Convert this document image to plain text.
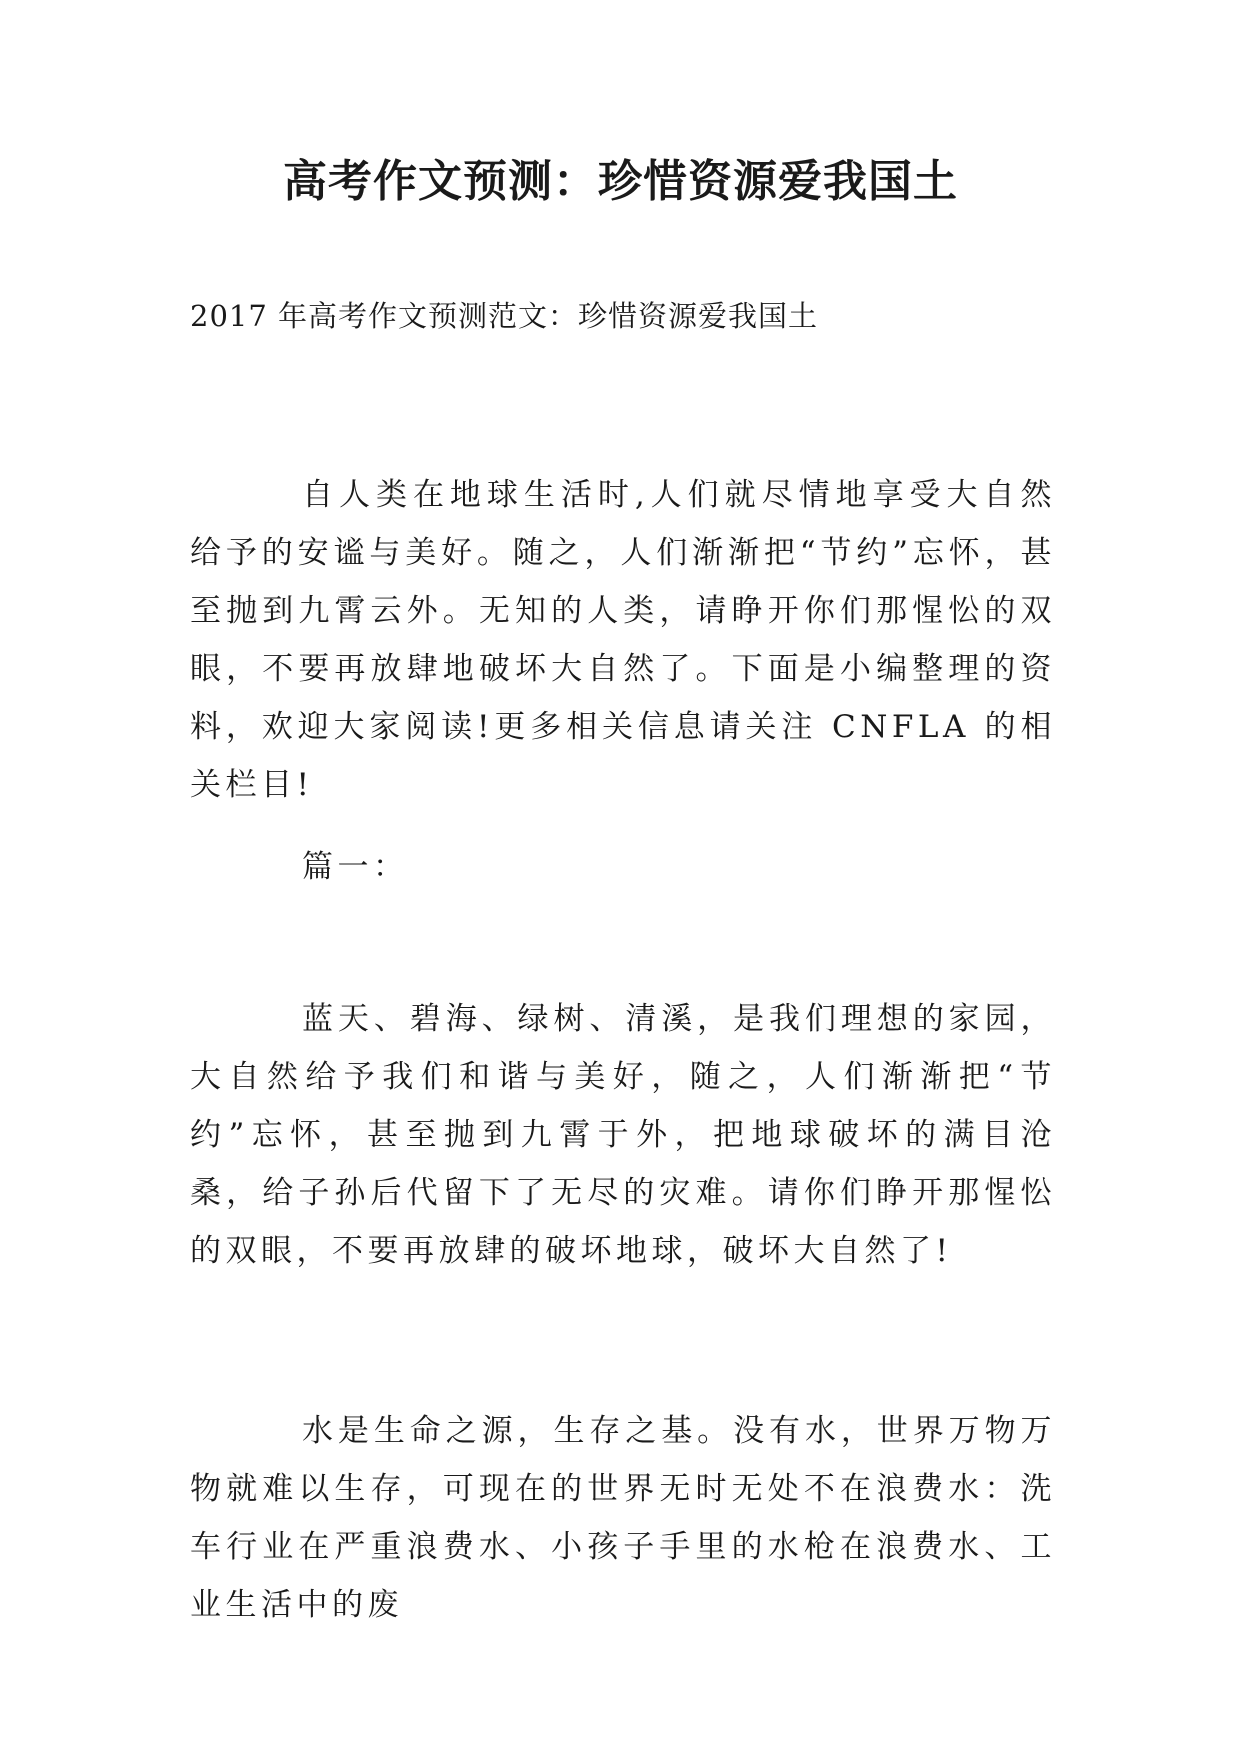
高考作文预测：珍惜资源爱我国土

2017 年高考作文预测范文：珍惜资源爱我国土

自人类在地球生活时,人们就尽情地享受大自然给予的安谧与美好。随之，人们渐渐把“节约”忘怀，甚至抛到九霄云外。无知的人类，请睁开你们那惺忪的双眼，不要再放肆地破坏大自然了。下面是小编整理的资料，欢迎大家阅读!更多相关信息请关注 CNFLA 的相关栏目!

篇一：

蓝天、碧海、绿树、清溪，是我们理想的家园，大自然给予我们和谐与美好，随之，人们渐渐把“节约”忘怀，甚至抛到九霄于外，把地球破坏的满目沧桑，给子孙后代留下了无尽的灾难。请你们睁开那惺忪的双眼，不要再放肆的破坏地球，破坏大自然了!

水是生命之源，生存之基。没有水，世界万物万物就难以生存，可现在的世界无时无处不在浪费水：洗车行业在严重浪费水、小孩子手里的水枪在浪费水、工业生活中的废
